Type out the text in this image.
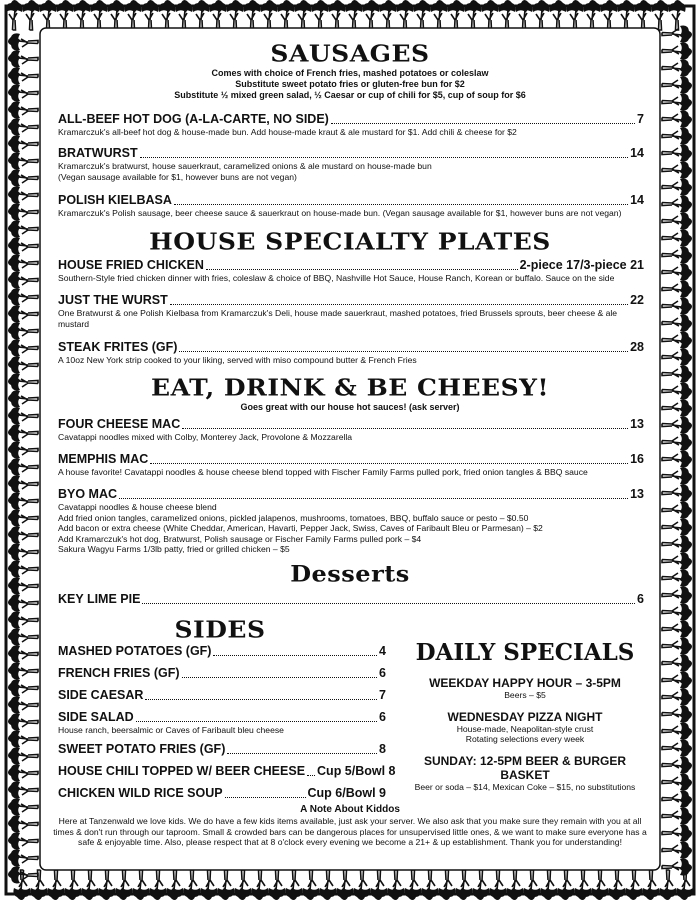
SAUSAGES
Comes with choice of French fries, mashed potatoes or coleslaw
Substitute sweet potato fries or gluten-free bun for $2
Substitute ½ mixed green salad, ½ Caesar or cup of chili for $5, cup of soup for $6
ALL-BEEF HOT DOG (A-LA-CARTE, NO SIDE)	7
Kramarczuk's all-beef hot dog & house-made bun. Add house-made kraut & ale mustard for $1. Add chili & cheese for $2
BRATWURST	14
Kramarczuk's bratwurst, house sauerkraut, caramelized onions & ale mustard on house-made bun
(Vegan sausage available for $1, however buns are not vegan)
POLISH KIELBASA	14
Kramarczuk's Polish sausage, beer cheese sauce & sauerkraut on house-made bun. (Vegan sausage available for $1, however buns are not vegan)
HOUSE SPECIALTY PLATES
HOUSE FRIED CHICKEN	2-piece 17/3-piece 21
Southern-Style fried chicken dinner with fries, coleslaw & choice of BBQ, Nashville Hot Sauce, House Ranch, Korean or buffalo. Sauce on the side
JUST THE WURST	22
One Bratwurst & one Polish Kielbasa from Kramarczuk's Deli, house made sauerkraut, mashed potatoes, fried Brussels sprouts, beer cheese & ale mustard
STEAK FRITES (GF)	28
A 10oz New York strip cooked to your liking, served with miso compound butter & French Fries
EAT, DRINK & BE CHEESY!
Goes great with our house hot sauces! (ask server)
FOUR CHEESE MAC	13
Cavatappi noodles mixed with Colby, Monterey Jack, Provolone & Mozzarella
MEMPHIS MAC	16
A house favorite! Cavatappi noodles & house cheese blend topped with Fischer Family Farms pulled pork, fried onion tangles & BBQ sauce
BYO MAC	13
Cavatappi noodles & house cheese blend
Add fried onion tangles, caramelized onions, pickled jalapenos, mushrooms, tomatoes, BBQ, buffalo sauce or pesto – $0.50
Add bacon or extra cheese (White Cheddar, American, Havarti, Pepper Jack, Swiss, Caves of Faribault Bleu or Parmesan) – $2
Add Kramarczuk's hot dog, Bratwurst, Polish sausage or Fischer Family Farms pulled pork – $4
Sakura Wagyu Farms 1/3lb patty, fried or grilled chicken – $5
Desserts
KEY LIME PIE	6
SIDES
MASHED POTATOES (GF)	4
FRENCH FRIES (GF)	6
SIDE CAESAR	7
SIDE SALAD	6
House ranch, beersalmic or Caves of Faribault bleu cheese
SWEET POTATO FRIES (GF)	8
HOUSE CHILI TOPPED W/ BEER CHEESE Cup 5/Bowl 8
CHICKEN WILD RICE SOUP	Cup 6/Bowl 9
DAILY SPECIALS
WEEKDAY HAPPY HOUR – 3-5PM
Beers – $5
WEDNESDAY PIZZA NIGHT
House-made, Neapolitan-style crust
Rotating selections every week
SUNDAY: 12-5PM BEER & BURGER BASKET
Beer or soda – $14, Mexican Coke – $15, no substitutions
A Note About Kiddos
Here at Tanzenwald we love kids. We do have a few kids items available, just ask your server. We also ask that you make sure they remain with you at all times & don't run through our taproom. Small & crowded bars can be dangerous places for unsupervised little ones, & we want to make sure everyone has a safe & enjoyable time. Also, please respect that at 8 o'clock every evening we become a 21+ & up establishment. Thank you for understanding!
